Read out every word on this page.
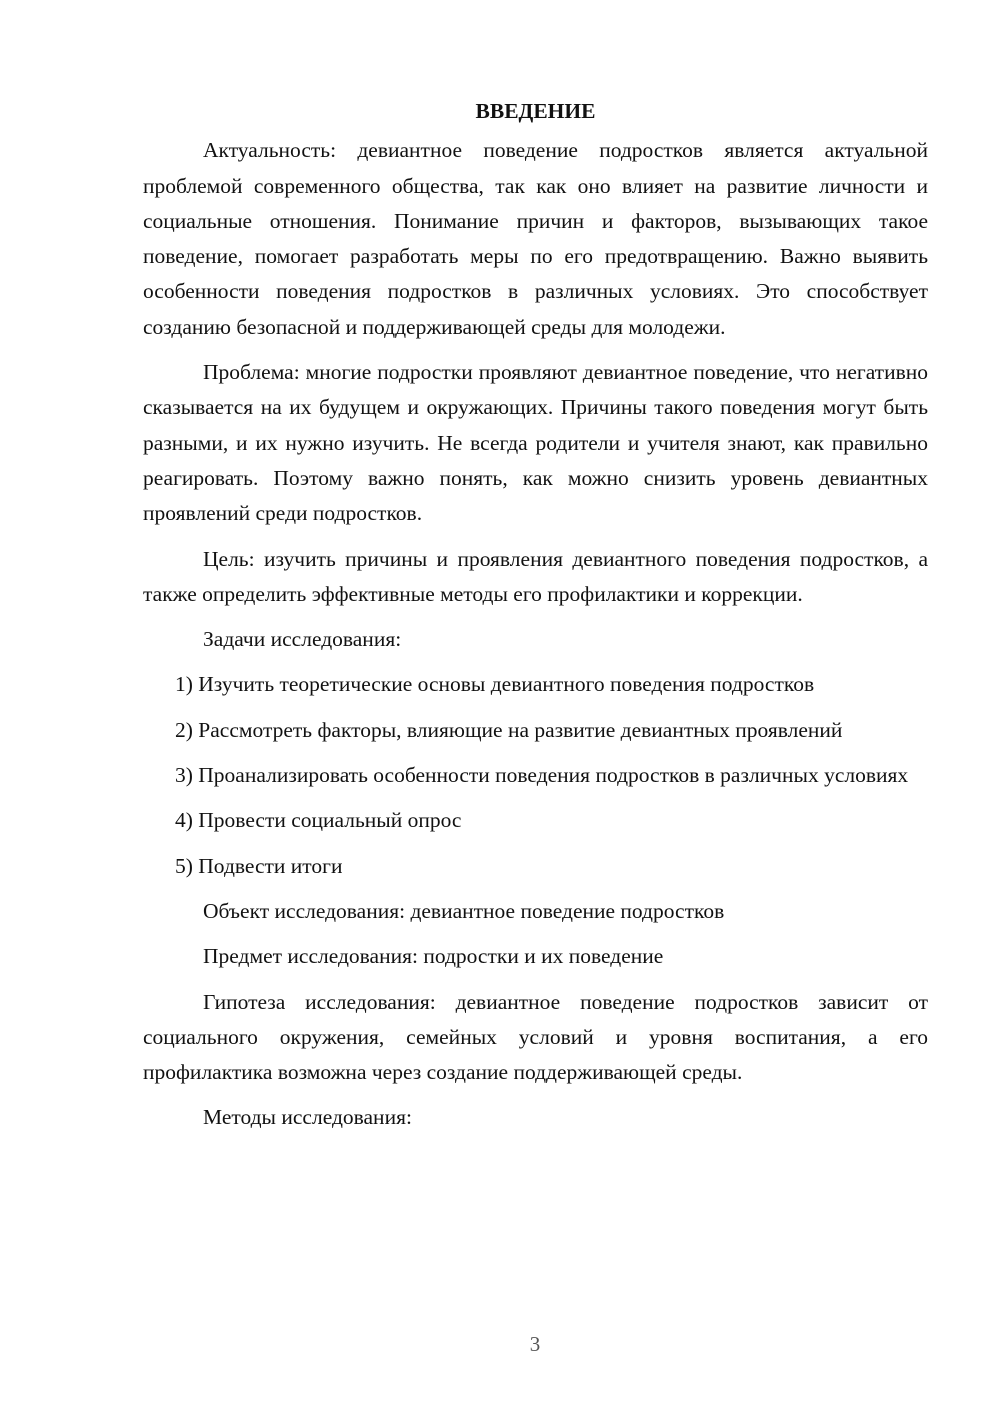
ВВЕДЕНИЕ

Актуальность: девиантное поведение подростков является актуальной проблемой современного общества, так как оно влияет на развитие личности и социальные отношения. Понимание причин и факторов, вызывающих такое поведение, помогает разработать меры по его предотвращению. Важно выявить особенности поведения подростков в различных условиях. Это способствует созданию безопасной и поддерживающей среды для молодежи.

Проблема: многие подростки проявляют девиантное поведение, что негативно сказывается на их будущем и окружающих. Причины такого поведения могут быть разными, и их нужно изучить. Не всегда родители и учителя знают, как правильно реагировать. Поэтому важно понять, как можно снизить уровень девиантных проявлений среди подростков.

Цель: изучить причины и проявления девиантного поведения подростков, а также определить эффективные методы его профилактики и коррекции.

Задачи исследования:

1) Изучить теоретические основы девиантного поведения подростков

2) Рассмотреть факторы, влияющие на развитие девиантных проявлений

3) Проанализировать особенности поведения подростков в различных условиях

4) Провести социальный опрос

5) Подвести итоги

Объект исследования: девиантное поведение подростков

Предмет исследования: подростки и их поведение

Гипотеза исследования: девиантное поведение подростков зависит от социального окружения, семейных условий и уровня воспитания, а его профилактика возможна через создание поддерживающей среды.

Методы исследования:

3
